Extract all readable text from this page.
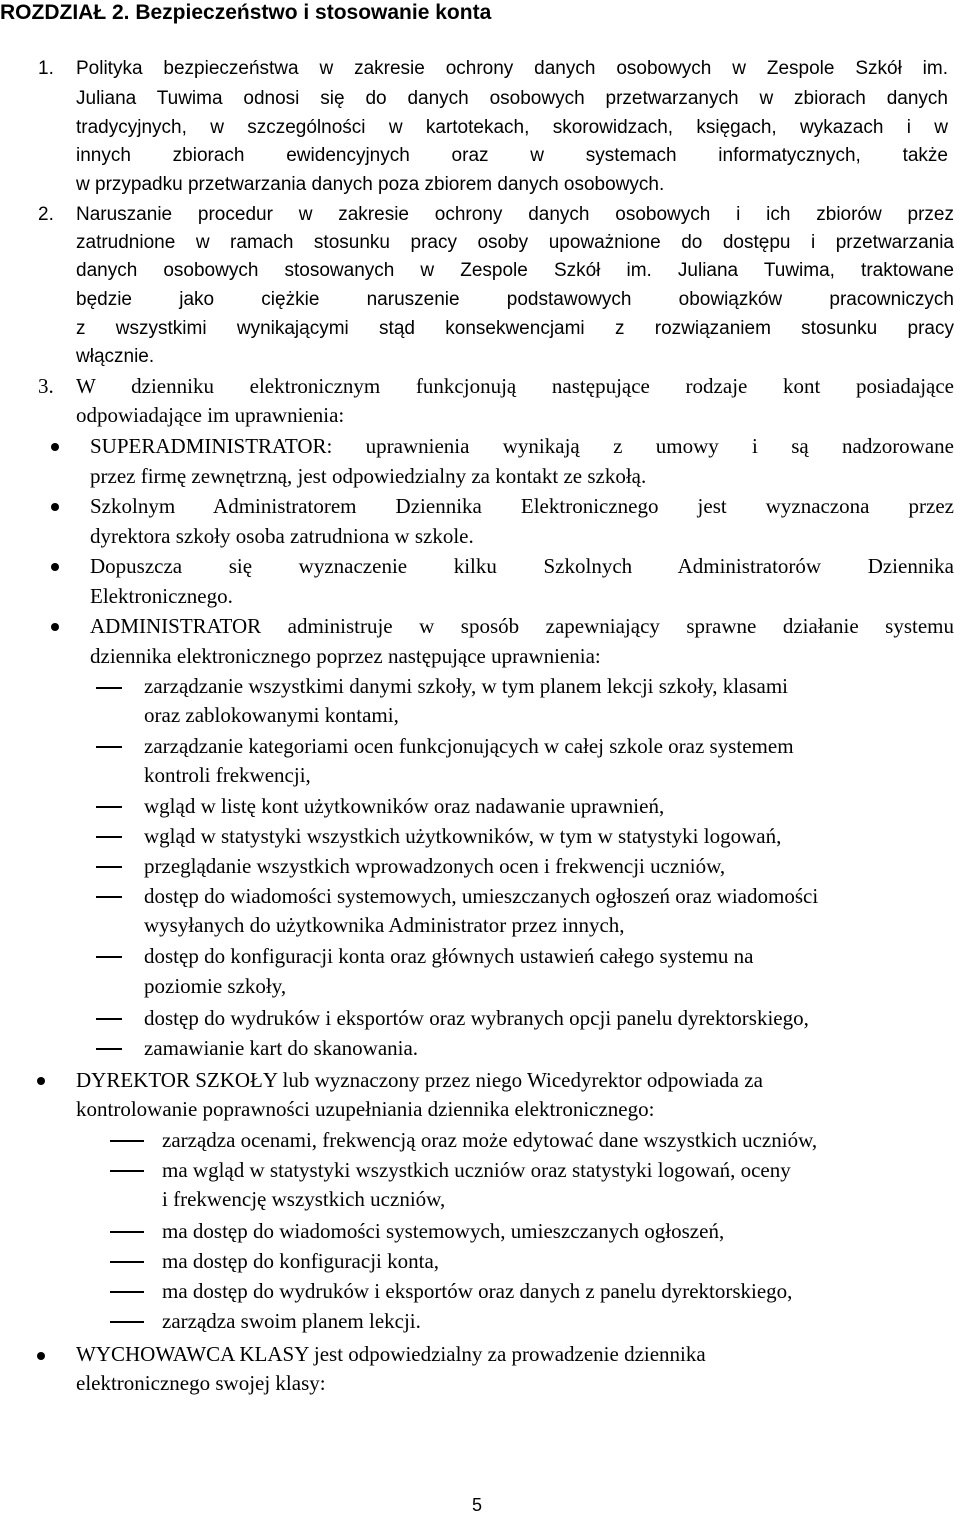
ROZDZIAŁ 2. Bezpieczeństwo i stosowanie konta
1. Polityka bezpieczeństwa w zakresie ochrony danych osobowych w Zespole Szkół im.
Juliana Tuwima odnosi się do danych osobowych przetwarzanych w zbiorach danych
tradycyjnych, w szczególności w kartotekach, skorowidzach, księgach, wykazach i w
innych zbiorach ewidencyjnych oraz w systemach informatycznych, także
w przypadku przetwarzania danych poza zbiorem danych osobowych.
2. Naruszanie procedur w zakresie ochrony danych osobowych i ich zbiorów przez
zatrudnione w ramach stosunku pracy osoby upoważnione do dostępu i przetwarzania
danych osobowych stosowanych w Zespole Szkół im. Juliana Tuwima, traktowane
będzie jako ciężkie naruszenie podstawowych obowiązków pracowniczych
z wszystkimi wynikającymi stąd konsekwencjami z rozwiązaniem stosunku pracy
włącznie.
3. W dzienniku elektronicznym funkcjonują następujące rodzaje kont posiadające
odpowiadające im uprawnienia:
SUPERADMINISTRATOR: uprawnienia wynikają z umowy i są nadzorowane
przez firmę zewnętrzną, jest odpowiedzialny za kontakt ze szkołą.
Szkolnym Administratorem Dziennika Elektronicznego jest wyznaczona przez
dyrektora szkoły osoba zatrudniona w szkole.
Dopuszcza się wyznaczenie kilku Szkolnych Administratorów Dziennika
Elektronicznego.
ADMINISTRATOR administruje w sposób zapewniający sprawne działanie systemu
dziennika elektronicznego poprzez następujące uprawnienia:
zarządzanie wszystkimi danymi szkoły, w tym planem lekcji szkoły, klasami
oraz zablokowanymi kontami,
zarządzanie kategoriami ocen funkcjonujących w całej szkole oraz systemem
kontroli frekwencji,
wgląd w listę kont użytkowników oraz nadawanie uprawnień,
wgląd w statystyki wszystkich użytkowników, w tym w statystyki logowań,
przeglądanie wszystkich wprowadzonych ocen i frekwencji uczniów,
dostęp do wiadomości systemowych, umieszczanych ogłoszeń oraz wiadomości
wysyłanych do użytkownika Administrator przez innych,
dostęp do konfiguracji konta oraz głównych ustawień całego systemu na
poziomie szkoły,
dostęp do wydruków i eksportów oraz wybranych opcji panelu dyrektorskiego,
zamawianie kart do skanowania.
DYREKTOR SZKOŁY lub wyznaczony przez niego Wicedyrektor odpowiada za
kontrolowanie poprawności uzupełniania dziennika elektronicznego:
zarządza ocenami, frekwencją oraz może edytować dane wszystkich uczniów,
ma wgląd w statystyki wszystkich uczniów oraz statystyki logowań, oceny
i frekwencję wszystkich uczniów,
ma dostęp do wiadomości systemowych, umieszczanych ogłoszeń,
ma dostęp do konfiguracji konta,
ma dostęp do wydruków i eksportów oraz danych z panelu dyrektorskiego,
zarządza swoim planem lekcji.
WYCHOWAWCA KLASY jest odpowiedzialny za prowadzenie dziennika
elektronicznego swojej klasy:
5
